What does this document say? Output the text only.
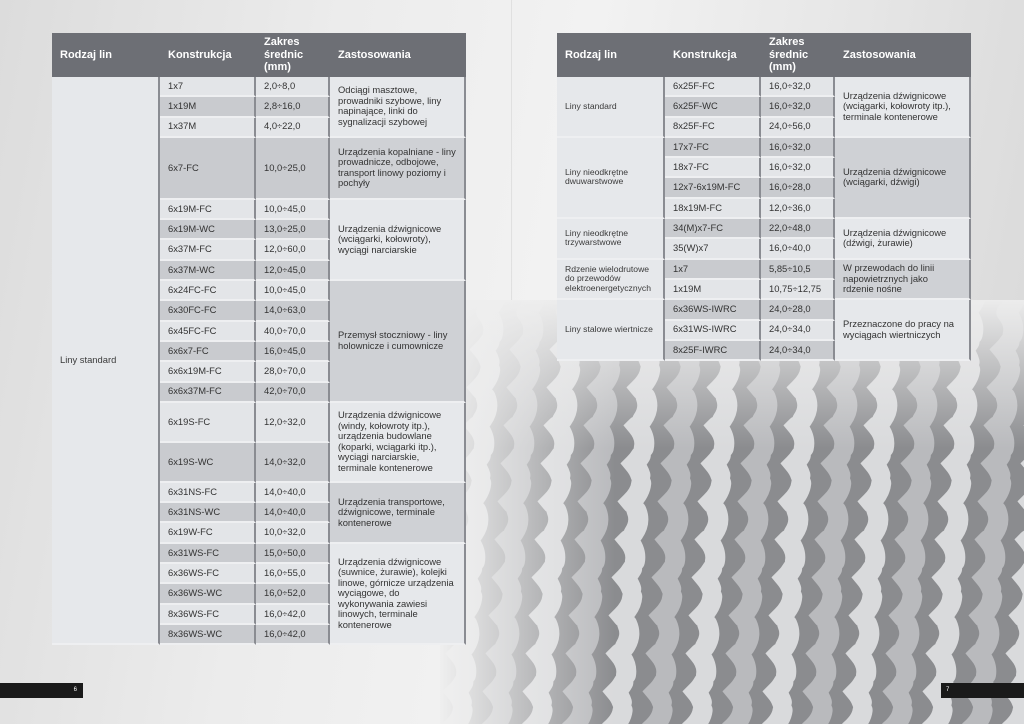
Rodzaj lin	Konstrukcja	Zakres średnic (mm)	Zastosowania
Liny standard	1x7	2,0÷8,0	Odciągi masztowe, prowadniki szybowe, liny napinające, linki do sygnalizacji szybowej
	1x19M	2,8÷16,0	
	1x37M	4,0÷22,0	
	6x7-FC	10,0÷25,0	Urządzenia kopalniane - liny prowadnicze, odbojowe, transport linowy poziomy i pochyły
	6x19M-FC	10,0÷45,0	Urządzenia dźwignicowe (wciągarki, kołowroty), wyciągi narciarskie
	6x19M-WC	13,0÷25,0	
	6x37M-FC	12,0÷60,0	
	6x37M-WC	12,0÷45,0	
	6x24FC-FC	10,0÷45,0	Przemysł stoczniowy - liny holownicze i cumownicze
	6x30FC-FC	14,0÷63,0	
	6x45FC-FC	40,0÷70,0	
	6x6x7-FC	16,0÷45,0	
	6x6x19M-FC	28,0÷70,0	
	6x6x37M-FC	42,0÷70,0	
	6x19S-FC	12,0÷32,0	Urządzenia dźwignicowe (windy, kołowroty itp.), urządzenia budowlane (koparki, wciągarki itp.), wyciągi narciarskie, terminale kontenerowe
	6x19S-WC	14,0÷32,0	
	6x31NS-FC	14,0÷40,0	Urządzenia transportowe, dźwignicowe, terminale kontenerowe
	6x31NS-WC	14,0÷40,0	
	6x19W-FC	10,0÷32,0	
	6x31WS-FC	15,0÷50,0	Urządzenia dźwignicowe (suwnice, żurawie), kolejki linowe, górnicze urządzenia wyciągowe, do wykonywania zawiesi linowych, terminale kontenerowe
	6x36WS-FC	16,0÷55,0	
	6x36WS-WC	16,0÷52,0	
	8x36WS-FC	16,0÷42,0	
	8x36WS-WC	16,0÷42,0	
Rodzaj lin	Konstrukcja	Zakres średnic (mm)	Zastosowania
Liny standard	6x25F-FC	16,0÷32,0	Urządzenia dźwignicowe (wciągarki, kołowroty itp.), terminale kontenerowe
	6x25F-WC	16,0÷32,0	
	8x25F-FC	24,0÷56,0	
Liny nieodkrętne dwuwarstwowe	17x7-FC	16,0÷32,0	Urządzenia dźwignicowe (wciągarki, dźwigi)
	18x7-FC	16,0÷32,0	
	12x7-6x19M-FC	16,0÷28,0	
	18x19M-FC	12,0÷36,0	
Liny nieodkrętne trzywarstwowe	34(M)x7-FC	22,0÷48,0	Urządzenia dźwignicowe (dźwigi, żurawie)
	35(W)x7	16,0÷40,0	
Rdzenie wielodrutowe do przewodów elektroenergetycznych	1x7	5,85÷10,5	W przewodach do linii napowietrznych jako rdzenie nośne
	1x19M	10,75÷12,75	
Liny stalowe wiertnicze	6x36WS-IWRC	24,0÷28,0	Przeznaczone do pracy na wyciągach wiertniczych
	6x31WS-IWRC	24,0÷34,0	
	8x25F-IWRC	24,0÷34,0	
6	7
